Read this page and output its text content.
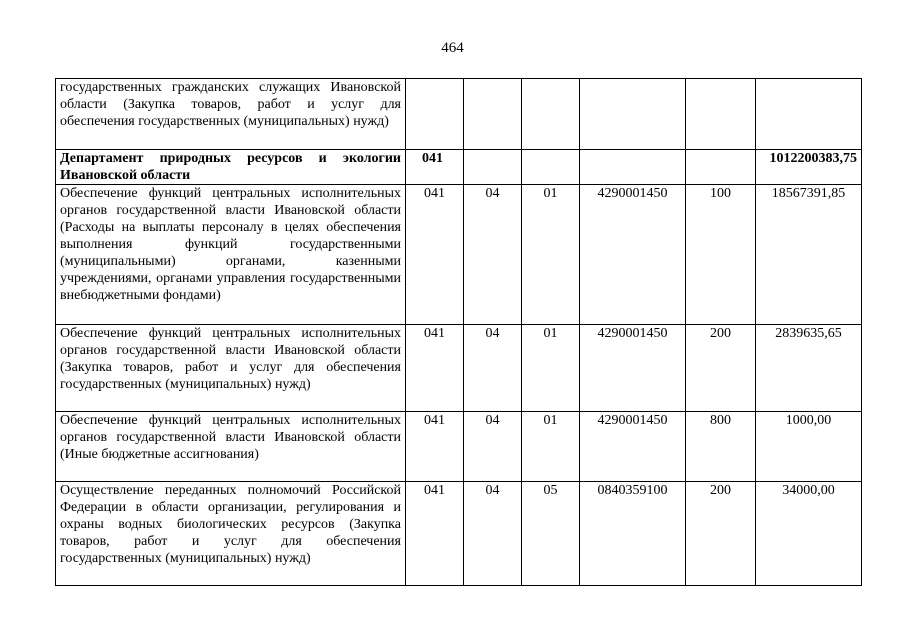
464
государственных гражданских служащих Ивановской области (Закупка товаров, работ и услуг для обеспечения государственных (муниципальных) нужд)						
Департамент природных ресурсов и экологии Ивановской области	041					1012200383,75
Обеспечение функций центральных исполнительных органов государственной власти Ивановской области (Расходы на выплаты персоналу в целях обеспечения выполнения функций государственными (муниципальными) органами, казенными учреждениями, органами управления государственными внебюджетными фондами)	041	04	01	4290001450	100	18567391,85
Обеспечение функций центральных исполнительных органов государственной власти Ивановской области (Закупка товаров, работ и услуг для обеспечения государственных (муниципальных) нужд)	041	04	01	4290001450	200	2839635,65
Обеспечение функций центральных исполнительных органов государственной власти Ивановской области (Иные бюджетные ассигнования)	041	04	01	4290001450	800	1000,00
Осуществление переданных полномочий Российской Федерации в области организации, регулирования и охраны водных биологических ресурсов (Закупка товаров, работ и услуг для обеспечения государственных (муниципальных) нужд)	041	04	05	0840359100	200	34000,00
